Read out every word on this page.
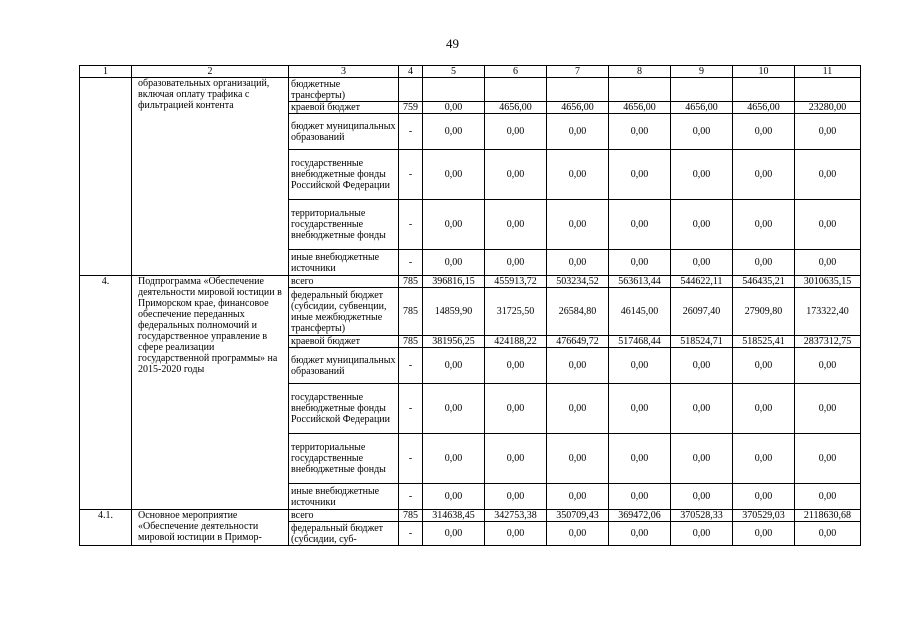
49
1	2	3	4	5	6	7	8	9	10	11
	образовательных организаций, включая оплату трафика с фильтрацией контента	бюджетные трансферты)								
		краевой бюджет	759	0,00	4656,00	4656,00	4656,00	4656,00	4656,00	23280,00
		бюджет муниципальных образований	-	0,00	0,00	0,00	0,00	0,00	0,00	0,00
		государственные внебюджетные фонды Российской Федерации	-	0,00	0,00	0,00	0,00	0,00	0,00	0,00
		территориальные государственные внебюджетные фонды	-	0,00	0,00	0,00	0,00	0,00	0,00	0,00
		иные внебюджетные источники	-	0,00	0,00	0,00	0,00	0,00	0,00	0,00
4.	Подпрограмма «Обеспечение деятельности мировой юстиции в Приморском крае, финансовое обеспечение переданных федеральных полномочий и государственное управление в сфере реализации государственной программы» на 2015-2020 годы	всего	785	396816,15	455913,72	503234,52	563613,44	544622,11	546435,21	3010635,15
		федеральный бюджет (субсидии, субвенции, иные межбюджетные трансферты)	785	14859,90	31725,50	26584,80	46145,00	26097,40	27909,80	173322,40
		краевой бюджет	785	381956,25	424188,22	476649,72	517468,44	518524,71	518525,41	2837312,75
		бюджет муниципальных образований	-	0,00	0,00	0,00	0,00	0,00	0,00	0,00
		государственные внебюджетные фонды Российской Федерации	-	0,00	0,00	0,00	0,00	0,00	0,00	0,00
		территориальные государственные внебюджетные фонды	-	0,00	0,00	0,00	0,00	0,00	0,00	0,00
		иные внебюджетные источники	-	0,00	0,00	0,00	0,00	0,00	0,00	0,00
4.1.	Основное мероприятие «Обеспечение деятельности мировой юстиции в Примор-	всего	785	314638,45	342753,38	350709,43	369472,06	370528,33	370529,03	2118630,68
		федеральный бюджет (субсидии, суб-	-	0,00	0,00	0,00	0,00	0,00	0,00	0,00
